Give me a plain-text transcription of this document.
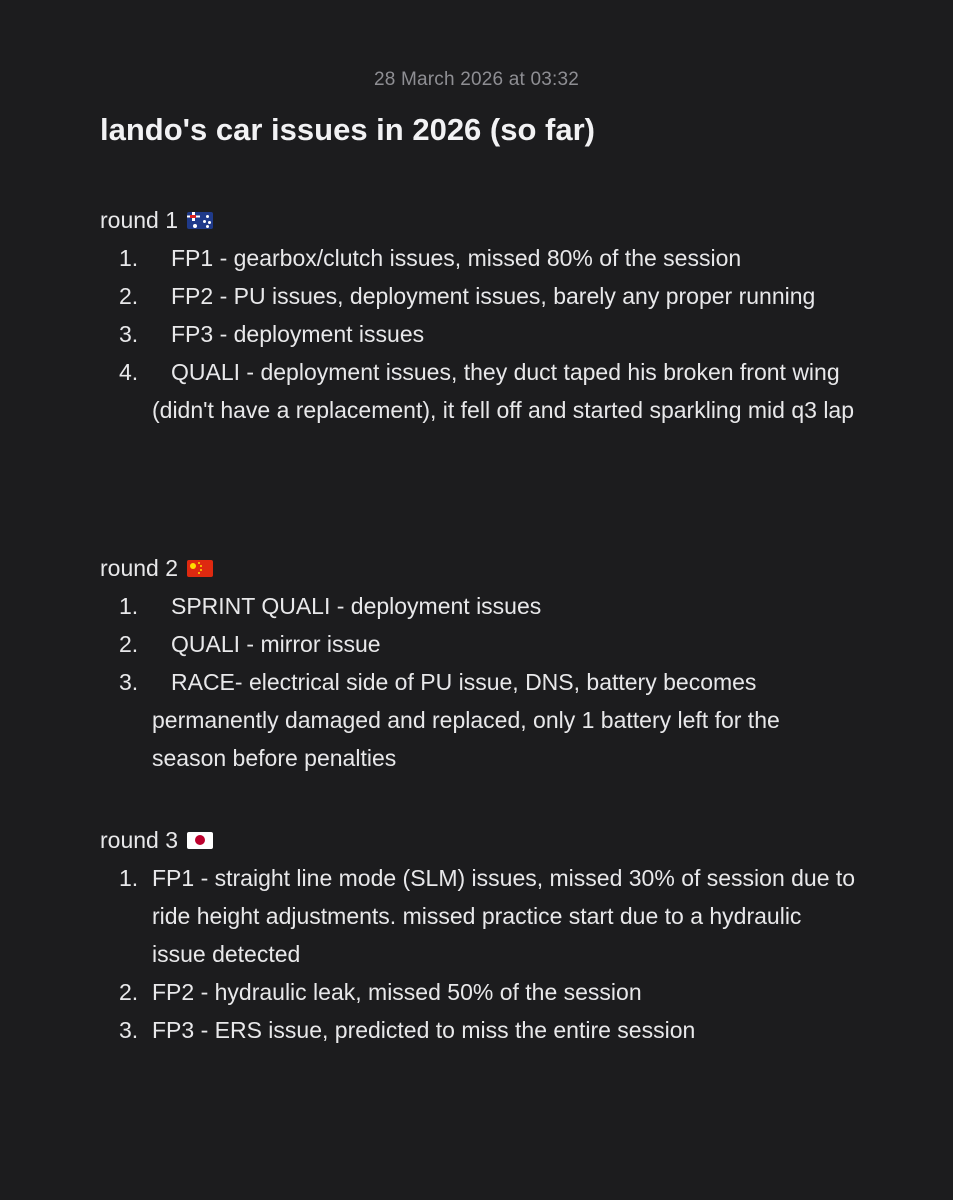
28 March 2026 at 03:32
lando's car issues in 2026 (so far)
round 1
1. FP1 - gearbox/clutch issues, missed 80% of the session
2. FP2 - PU issues, deployment issues, barely any proper running
3. FP3 - deployment issues
4. QUALI - deployment issues, they duct taped his broken front wing (didn't have a replacement), it fell off and started sparkling mid q3 lap
round 2
1. SPRINT QUALI - deployment issues
2. QUALI - mirror issue
3. RACE- electrical side of PU issue, DNS, battery becomes permanently damaged and replaced, only 1 battery left for the season before penalties
round 3
1. FP1 - straight line mode (SLM) issues, missed 30% of session due to ride height adjustments. missed practice start due to a hydraulic issue detected
2. FP2 - hydraulic leak, missed 50% of the session
3. FP3 - ERS issue, predicted to miss the entire session
